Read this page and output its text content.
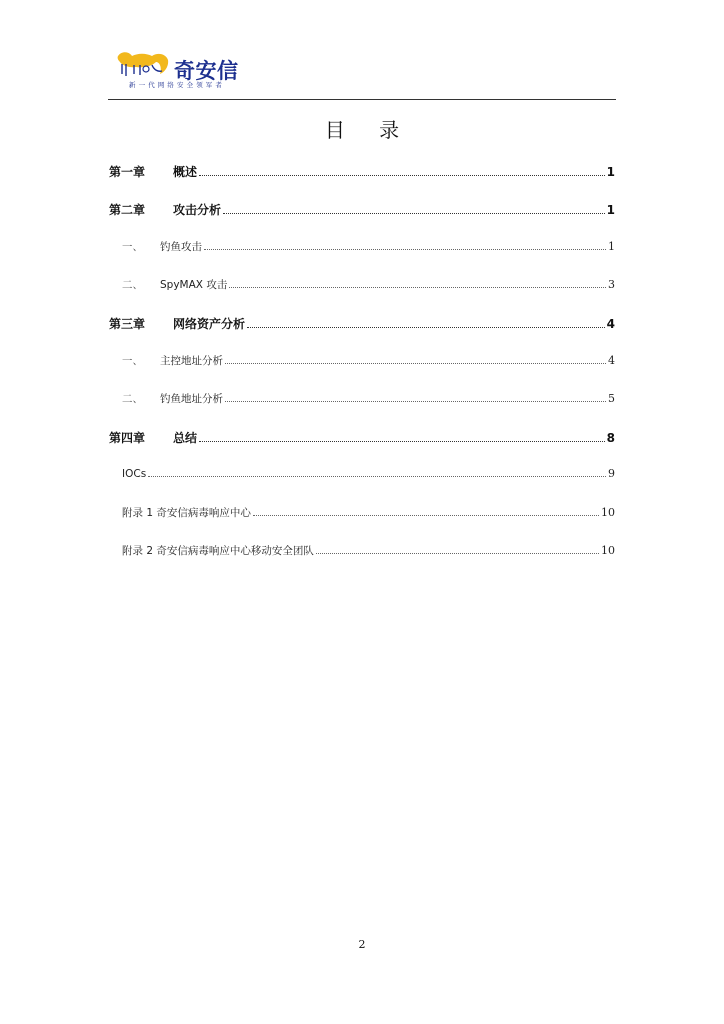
奇安信
新一代网络安全领军者
目 录
第一章	概述	1
第二章	攻击分析	1
一、	钓鱼攻击	1
二、	SpyMAX 攻击	3
第三章	网络资产分析	4
一、	主控地址分析	4
二、	钓鱼地址分析	5
第四章	总结	8
IOCs	9
附录 1 奇安信病毒响应中心	10
附录 2 奇安信病毒响应中心移动安全团队	10
2
